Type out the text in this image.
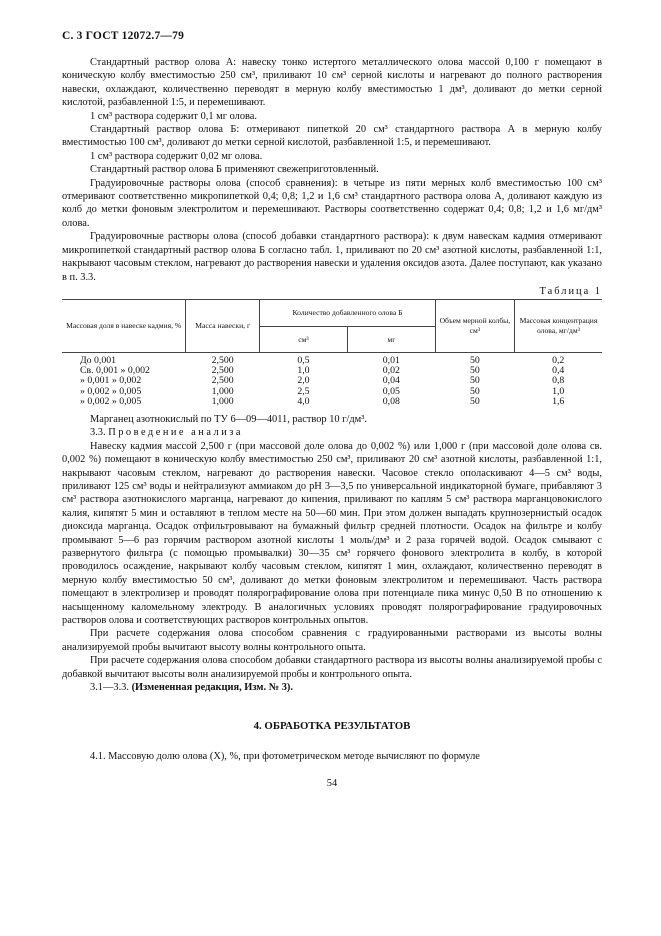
С. 3 ГОСТ 12072.7—79

Стандартный раствор олова А: навеску тонко истертого металлического олова массой 0,100 г помещают в коническую колбу вместимостью 250 см³, приливают 10 см³ серной кислоты и нагревают до полного растворения навески, охлаждают, количественно переводят в мерную колбу вместимостью 1 дм³, доливают до метки серной кислотой, разбавленной 1:5, и перемешивают.

1 см³ раствора содержит 0,1 мг олова.

Стандартный раствор олова Б: отмеривают пипеткой 20 см³ стандартного раствора А в мерную колбу вместимостью 100 см³, доливают до метки серной кислотой, разбавленной 1:5, и перемешивают.

1 см³ раствора содержит 0,02 мг олова.

Стандартный раствор олова Б применяют свежеприготовленный.

Градуировочные растворы олова (способ сравнения): в четыре из пяти мерных колб вместимостью 100 см³ отмеривают соответственно микропипеткой 0,4; 0,8; 1,2 и 1,6 см³ стандартного раствора олова А, доливают каждую из колб до метки фоновым электролитом и перемешивают. Растворы соответственно содержат 0,4; 0,8; 1,2 и 1,6 мг/дм³ олова.

Градуировочные растворы олова (способ добавки стандартного раствора): к двум навескам кадмия отмеривают микропипеткой стандартный раствор олова Б согласно табл. 1, приливают по 20 см³ азотной кислоты, разбавленной 1:1, накрывают часовым стеклом, нагревают до растворения навески и удаления оксидов азота. Далее поступают, как указано в п. 3.3.

Таблица 1
Массовая доля в навеске кадмия, %	Масса навески, г	Количество добавленного олова Б		Объем мерной колбы, см³	Массовая концентрация олова, мг/дм³
		см³	мг		
До 0,001	2,500	0,5	0,01	50	0,2
Св. 0,001 » 0,002	2,500	1,0	0,02	50	0,4
» 0,001 » 0,002	2,500	2,0	0,04	50	0,8
» 0,002 » 0,005	1,000	2,5	0,05	50	1,0
» 0,002 » 0,005	1,000	4,0	0,08	50	1,6

Марганец азотнокислый по ТУ 6—09—4011, раствор 10 г/дм³.

3.3. Проведение анализа

Навеску кадмия массой 2,500 г (при массовой доле олова до 0,002 %) или 1,000 г (при массовой доле олова св. 0,002 %) помещают в коническую колбу вместимостью 250 см³, приливают 20 см³ азотной кислоты, разбавленной 1:1, накрывают часовым стеклом, нагревают до растворения навески. Часовое стекло ополаскивают 4—5 см³ воды, приливают 125 см³ воды и нейтрализуют аммиаком до рН 3—3,5 по универсальной индикаторной бумаге, прибавляют 3 см³ раствора азотнокислого марганца, нагревают до кипения, приливают по каплям 5 см³ раствора марганцовокислого калия, кипятят 5 мин и оставляют в теплом месте на 50—60 мин. При этом должен выпадать крупнозернистый осадок диоксида марганца. Осадок отфильтровывают на бумажный фильтр средней плотности. Осадок на фильтре и колбу промывают 5—6 раз горячим раствором азотной кислоты 1 моль/дм³ и 2 раза горячей водой. Осадок смывают с развернутого фильтра (с помощью промывалки) 30—35 см³ горячего фонового электролита в колбу, в которой проводилось осаждение, накрывают колбу часовым стеклом, кипятят 1 мин, охлаждают, количественно переводят в мерную колбу вместимостью 50 см³, доливают до метки фоновым электролитом и перемешивают. Часть раствора помещают в электролизер и проводят полярографирование олова при потенциале пика минус 0,50 В по отношению к насыщенному каломельному электроду. В аналогичных условиях проводят полярографирование градуировочных растворов олова и соответствующих растворов контрольных опытов.

При расчете содержания олова способом сравнения с градуированными растворами из высоты волны анализируемой пробы вычитают высоту волны контрольного опыта.

При расчете содержания олова способом добавки стандартного раствора из высоты волны анализируемой пробы с добавкой вычитают высоты волн анализируемой пробы и контрольного опыта.

3.1—3.3. (Измененная редакция, Изм. № 3).

4. ОБРАБОТКА РЕЗУЛЬТАТОВ

4.1. Массовую долю олова (X), %, при фотометрическом методе вычисляют по формуле

54
